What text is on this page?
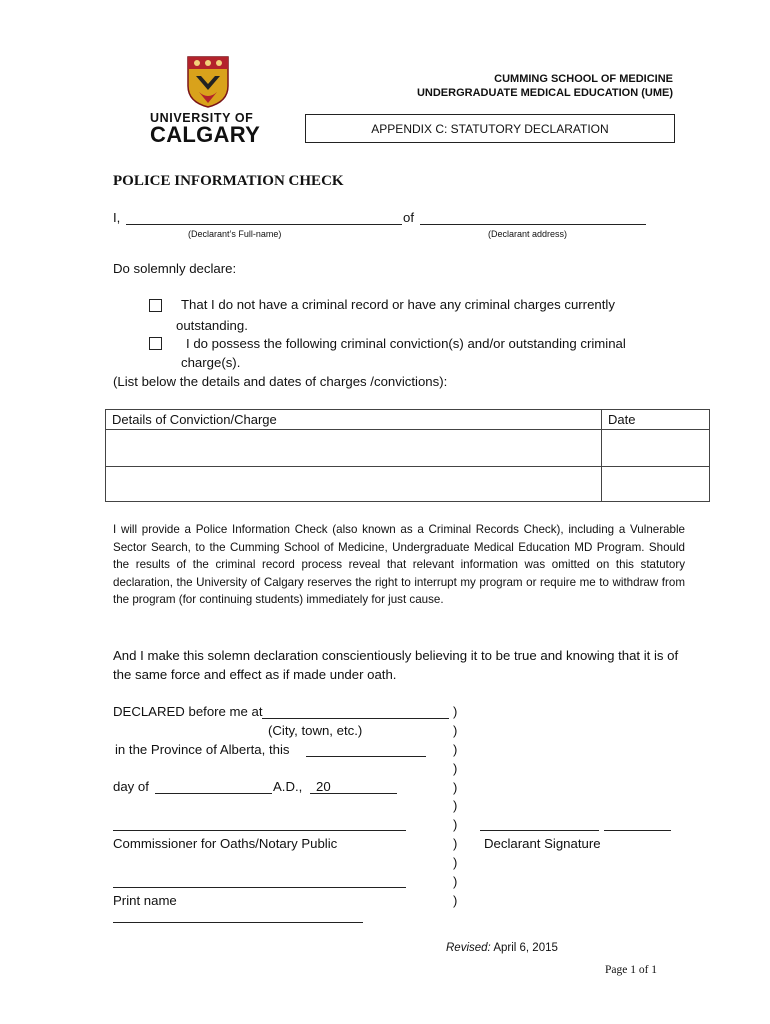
UNIVERSITY OF
CALGARY
CUMMING SCHOOL OF MEDICINE
UNDERGRADUATE MEDICAL EDUCATION (UME)
APPENDIX C: STATUTORY DECLARATION
POLICE INFORMATION CHECK
I,	of
(Declarant’s Full-name)	(Declarant address)
Do solemnly declare:
That I do not have a criminal record or have any criminal charges currently
outstanding.
I do possess the following criminal conviction(s) and/or outstanding criminal
charge(s).
(List below the details and dates of charges /convictions):
Details of Conviction/Charge	Date

I will provide a Police Information Check (also known as a Criminal Records Check), including a Vulnerable Sector Search, to the Cumming School of Medicine, Undergraduate Medical Education MD Program. Should the results of the criminal record process reveal that relevant information was omitted on this statutory declaration, the University of Calgary reserves the right to interrupt my program or require me to withdraw from the program (for continuing students) immediately for just cause.
And I make this solemn declaration conscientiously believing it to be true and knowing that it is of the same force and effect as if made under oath.
DECLARED before me at
(City, town, etc.)
in the Province of Alberta, this
day of	A.D.,	20
Commissioner for Oaths/Notary Public	Declarant Signature
Print name
)
)
)
)
)
)
)
)
)
)
)
Revised: April 6, 2015
Page 1 of 1
